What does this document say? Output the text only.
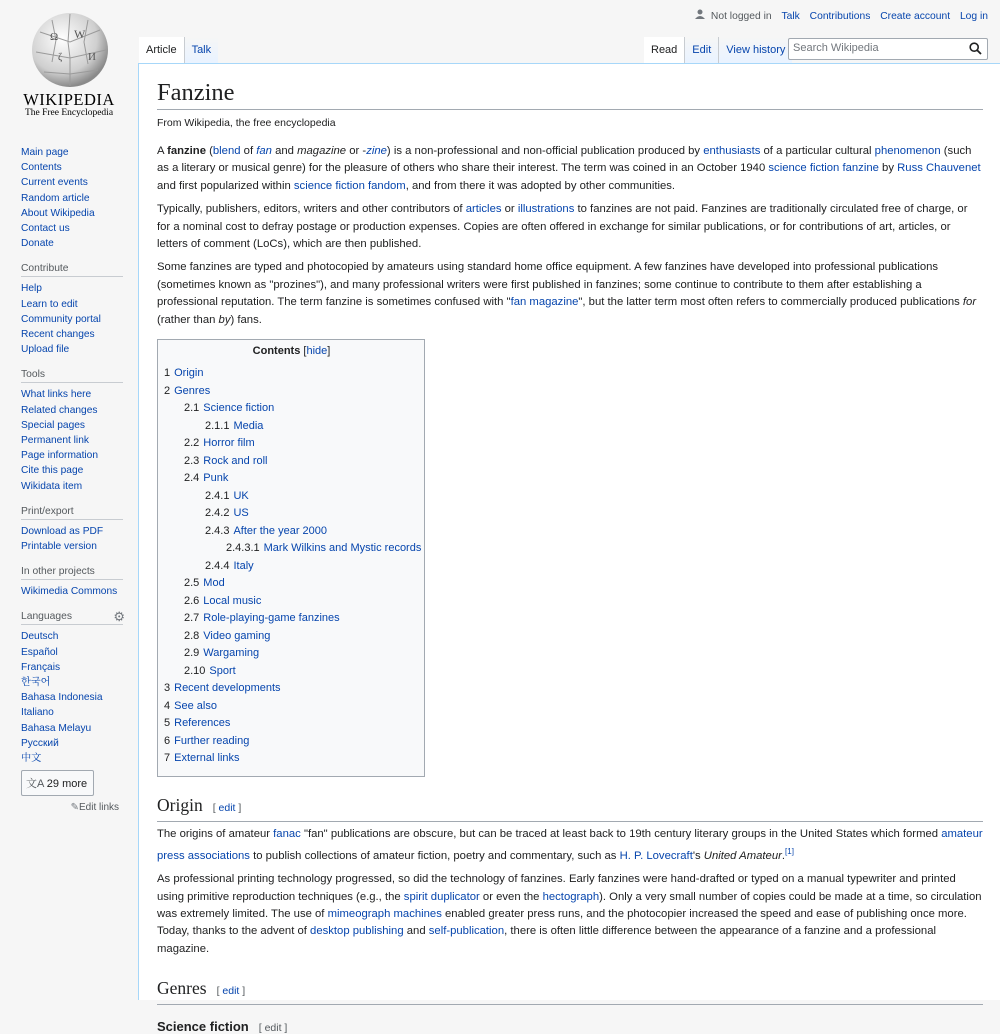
Ω W
И
ζ
WIKIPEDIA
The Free Encyclopedia
Main page
Contents
Current events
Random article
About Wikipedia
Contact us
Donate
Contribute
Help
Learn to edit
Community portal
Recent changes
Upload file
Tools
What links here
Related changes
Special pages
Permanent link
Page information
Cite this page
Wikidata item
Print/export
Download as PDF
Printable version
In other projects
Wikimedia Commons
Languages	⚙
Deutsch
Español
Français
한국어
Bahasa Indonesia
Italiano
Bahasa Melayu
Русский
中文
文A 29 more
✎Edit links
Not logged in Talk Contributions Create account Log in
Article	Talk	Read	Edit	View history Search Wikipedia
Fanzine
From Wikipedia, the free encyclopedia

A fanzine (blend of fan and magazine or -zine) is a non-professional and non-official publication produced by enthusiasts of a particular cultural phenomenon (such as a literary or musical genre) for the pleasure of others who share their interest. The term was coined in an October 1940 science fiction fanzine by Russ Chauvenet and first popularized within science fiction fandom, and from there it was adopted by other communities.

Typically, publishers, editors, writers and other contributors of articles or illustrations to fanzines are not paid. Fanzines are traditionally circulated free of charge, or for a nominal cost to defray postage or production expenses. Copies are often offered in exchange for similar publications, or for contributions of art, articles, or letters of comment (LoCs), which are then published.

Some fanzines are typed and photocopied by amateurs using standard home office equipment. A few fanzines have developed into professional publications (sometimes known as "prozines"), and many professional writers were first published in fanzines; some continue to contribute to them after establishing a professional reputation. The term fanzine is sometimes confused with "fan magazine", but the latter term most often refers to commercially produced publications for (rather than by) fans.

Contents [hide]
1 Origin
2 Genres
2.1 Science fiction
2.1.1 Media
2.2 Horror film
2.3 Rock and roll
2.4 Punk
2.4.1 UK
2.4.2 US
2.4.3 After the year 2000
2.4.3.1 Mark Wilkins and Mystic records
2.4.4 Italy
2.5 Mod
2.6 Local music
2.7 Role-playing-game fanzines
2.8 Video gaming
2.9 Wargaming
2.10 Sport
3 Recent developments
4 See also
5 References
6 Further reading
7 External links
Origin [ edit ]

The origins of amateur fanac "fan" publications are obscure, but can be traced at least back to 19th century literary groups in the United States which formed amateur press associations to publish collections of amateur fiction, poetry and commentary, such as H. P. Lovecraft's United Amateur.[1]

As professional printing technology progressed, so did the technology of fanzines. Early fanzines were hand-drafted or typed on a manual typewriter and printed using primitive reproduction techniques (e.g., the spirit duplicator or even the hectograph). Only a very small number of copies could be made at a time, so circulation was extremely limited. The use of mimeograph machines enabled greater press runs, and the photocopier increased the speed and ease of publishing once more. Today, thanks to the advent of desktop publishing and self-publication, there is often little difference between the appearance of a fanzine and a professional magazine.

Genres [ edit ]
Science fiction [ edit ]
